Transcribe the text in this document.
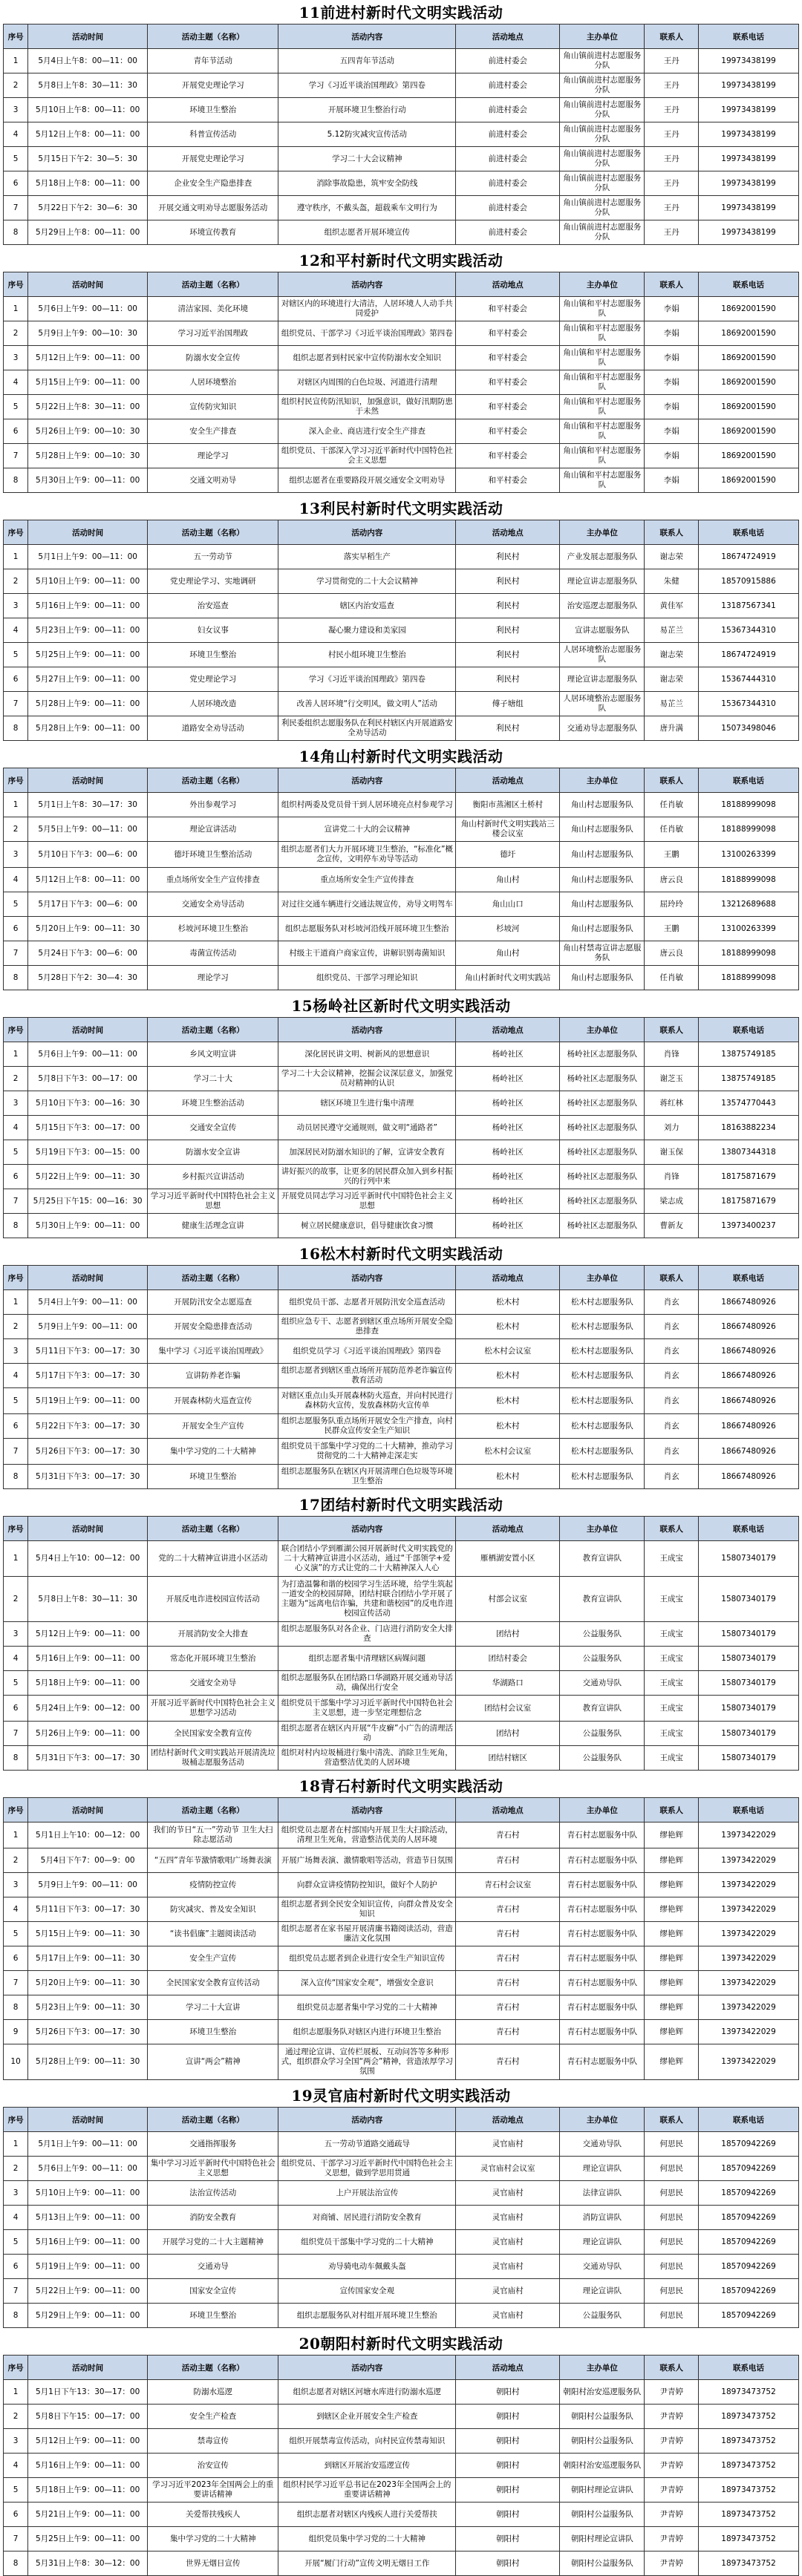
11前进村新时代文明实践活动
序号	活动时间	活动主题（名称）	活动内容	活动地点	主办单位	联系人	联系电话
1	5月4日上午8：00—11：00	青年节活动	五四青年节活动	前进村委会	角山镇前进村志愿服务分队	王丹	19973438199
2	5月8日上午8：30—11：30	开展党史理论学习	学习《习近平谈治国理政》第四卷	前进村委会	角山镇前进村志愿服务分队	王丹	19973438199
3	5月10日上午8：00—11：00	环境卫生整治	开展环境卫生整治行动	前进村委会	角山镇前进村志愿服务分队	王丹	19973438199
4	5月12日上午8：00—11：00	科普宣传活动	5.12防灾减灾宣传活动	前进村委会	角山镇前进村志愿服务分队	王丹	19973438199
5	5月15日下午2：30—5：30	开展党史理论学习	学习二十大会议精神	前进村委会	角山镇前进村志愿服务分队	王丹	19973438199
6	5月18日上午8：00—11：00	企业安全生产隐患排查	消除事故隐患，筑牢安全防线	前进村委会	角山镇前进村志愿服务分队	王丹	19973438199
7	5月22日下午2：30—6：30	开展交通文明劝导志愿服务活动	遵守秩序，不戴头盔，超载乘车文明行为	前进村委会	角山镇前进村志愿服务分队	王丹	19973438199
8	5月29日上午8：00—11：00	环境宣传教育	组织志愿者开展环境宣传	前进村委会	角山镇前进村志愿服务分队	王丹	19973438199
12和平村新时代文明实践活动
序号	活动时间	活动主题（名称）	活动内容	活动地点	主办单位	联系人	联系电话
1	5月6日上午9：00—11：00	清洁家园、美化环境	对辖区内的环境进行大清洁，人居环境人人动手共同爱护	和平村委会	角山镇和平村志愿服务队	李娟	18692001590
2	5月9日上午9：00—10：30	学习习近平治国理政	组织党员、干部学习《习近平谈治国理政》第四卷	和平村委会	角山镇和平村志愿服务队	李娟	18692001590
3	5月12日上午9：00—11：00	防溺水安全宣传	组织志愿者到村民家中宣传防溺水安全知识	和平村委会	角山镇和平村志愿服务队	李娟	18692001590
4	5月15日上午9：00—11：00	人居环境整治	对辖区内周围的白色垃圾、河道进行清理	和平村委会	角山镇和平村志愿服务队	李娟	18692001590
5	5月22日上午8：30—11：00	宣传防灾知识	组织村民宣传防汛知识，加强意识，做好汛期防患于未然	和平村委会	角山镇和平村志愿服务队	李娟	18692001590
6	5月26日上午9：00—10：30	安全生产排查	深入企业、商店进行安全生产排查	和平村委会	角山镇和平村志愿服务队	李娟	18692001590
7	5月28日上午9：00—10：30	理论学习	组织党员、干部深入学习习近平新时代中国特色社会主义思想	和平村委会	角山镇和平村志愿服务队	李娟	18692001590
8	5月30日上午9：00—11：00	交通文明劝导	组织志愿者在重要路段开展交通安全文明劝导	和平村委会	角山镇和平村志愿服务队	李娟	18692001590
13利民村新时代文明实践活动
序号	活动时间	活动主题（名称）	活动内容	活动地点	主办单位	联系人	联系电话
1	5月1日上午9：00—11：00	五一劳动节	落实早稻生产	利民村	产业发展志愿服务队	谢志荣	18674724919
2	5月10日上午9：00—11：00	党史理论学习、实地调研	学习贯彻党的二十大会议精神	利民村	理论宣讲志愿服务队	朱健	18570915886
3	5月16日上午9：00—11：00	治安巡查	辖区内治安巡查	利民村	治安巡逻志愿服务队	黄佳军	13187567341
4	5月23日上午9：00—11：00	妇女议事	凝心聚力建设和美家园	利民村	宣讲志愿服务队	易芷兰	15367344310
5	5月25日上午9：00—11：00	环境卫生整治	村民小组环境卫生整治	利民村	人居环境整治志愿服务队	谢志荣	18674724919
6	5月27日上午9：00—11：00	党史理论学习	学习《习近平谈治国理政》第四卷	利民村	理论宣讲志愿服务队	谢志荣	15367444310
7	5月28日上午9：00—11：00	人居环境改造	改善人居环境“行交明风，做文明人”活动	傅子塘组	人居环境整治志愿服务队	易芷兰	15367344310
8	5月28日上午9：00—11：00	道路安全劝导活动	利民委组织志愿服务队在利民村辖区内开展道路安全劝导活动	利民村	交通劝导志愿服务队	唐升满	15073498046
14角山村新时代文明实践活动
序号	活动时间	活动主题（名称）	活动内容	活动地点	主办单位	联系人	联系电话
1	5月1日上午8：30—17：30	外出参观学习	组织村两委及党员骨干到人居环境亮点村参观学习	衡阳市蒸湘区土桥村	角山村志愿服务队	任肖敏	18188999098
2	5月5日上午9：00—11：00	理论宣讲活动	宣讲党二十大的会议精神	角山村新时代文明实践站三楼会议室	角山村志愿服务队	任肖敏	18188999098
3	5月10日下午3：00—6：00	德圩环境卫生整治活动	组织志愿者们大力开展环境卫生整治，“标准化”概念宣传，文明停车劝导等活动	德圩	角山村志愿服务队	王鹏	13100263399
4	5月12日上午8：00—11：00	重点场所安全生产宣传排查	重点场所安全生产宣传排查	角山村	角山村志愿服务队	唐云良	18188999098
5	5月17日下午3：00—6：00	交通安全劝导活动	对过往交通车辆进行交通法规宣传，劝导文明驾车	角山山口	角山村志愿服务队	屈玲玲	13212689688
6	5月20日上午9：00—11：30	杉坡河环境卫生整治	组织志愿服务队对杉坡河沿线开展环境卫生整治	杉坡河	角山村志愿服务队	王鹏	13100263399
7	5月24日下午3：00—6：00	毒菌宣传活动	村级主干道商户商家宣传，讲解识别毒菌知识	角山村	角山村禁毒宣讲志愿服务队	唐云良	18188999098
8	5月28日下午2：30—4：30	理论学习	组织党员、干部学习理论知识	角山村新时代文明实践站	角山村志愿服务队	任肖敏	18188999098
15杨岭社区新时代文明实践活动
序号	活动时间	活动主题（名称）	活动内容	活动地点	主办单位	联系人	联系电话
1	5月6日上午9：00—11：00	乡风文明宣讲	深化居民讲文明、树新风的思想意识	杨岭社区	杨岭社区志愿服务队	肖锋	13875749185
2	5月8日下午3：00—17：00	学习二十大	学习二十大会议精神，挖掘会议深层意义，加强党员对精神的认识	杨岭社区	杨岭社区志愿服务队	谢芝玉	13875749185
3	5月10日下午3：00—16：30	环境卫生整治活动	辖区环境卫生进行集中清理	杨岭社区	杨岭社区志愿服务队	蒋红林	13574770443
4	5月15日下午3：00—17：00	交通安全宣传	动员居民遵守交通规则，做文明“通路者”	杨岭社区	杨岭社区志愿服务队	刘力	18163882234
5	5月19日下午3：00—15：00	防溺水安全宣讲	加深居民对防溺水知识的了解，宣讲安全教育	杨岭社区	杨岭社区志愿服务队	谢玉保	13807344318
6	5月22日上午9：00—11：30	乡村振兴宣讲活动	讲好振兴的故事，让更多的居民群众加入到乡村振兴的行列中来	杨岭社区	杨岭社区志愿服务队	肖锋	18175871679
7	5月25日下午15：00—16：30	学习习近平新时代中国特色社会主义思想	开展党员同志学习习近平新时代中国特色社会主义思想	杨岭社区	杨岭社区志愿服务队	梁志成	18175871679
8	5月30日上午9：00—11：00	健康生活理念宣讲	树立居民健康意识，倡导健康饮食习惯	杨岭社区	杨岭社区志愿服务队	曹新友	13973400237
16松木村新时代文明实践活动
序号	活动时间	活动主题（名称）	活动内容	活动地点	主办单位	联系人	联系电话
1	5月4日上午9：00—11：00	开展防汛安全志愿巡查	组织党员干部、志愿者开展防汛安全巡查活动	松木村	松木村志愿服务队	肖玄	18667480926
2	5月9日上午9：00—11：00	开展安全隐患排查活动	组织应急专干、志愿者到辖区重点场所开展安全隐患排查	松木村	松木村志愿服务队	肖玄	18667480926
3	5月11日下午3：00—17：30	集中学习《习近平谈治国理政》	组织党员学习《习近平谈治国理政》第四卷	松木村会议室	松木村志愿服务队	肖玄	18667480926
4	5月17日下午3：00—17：30	宣讲防养老诈骗	组织志愿者到辖区重点场所开展防范养老诈骗宣传教育活动	松木村	松木村志愿服务队	肖玄	18667480926
5	5月19日上午9：00—11：00	开展森林防火巡查宣传	对辖区重点山头开展森林防火巡查，并向村民进行森林防火宣传，发放森林防火宣传单	松木村	松木村志愿服务队	肖玄	18667480926
6	5月22日下午3：00—17：30	开展安全生产宣传	组织志愿服务队重点场所开展安全生产排查，向村民群众宣传安全生产知识	松木村	松木村志愿服务队	肖玄	18667480926
7	5月26日下午3：00—17：30	集中学习党的二十大精神	组织党员干部集中学习党的二十大精神，推动学习贯彻党的二十大精神走深走实	松木村会议室	松木村志愿服务队	肖玄	18667480926
8	5月31日下午3：00—17：30	环境卫生整治	组织志愿服务队在辖区内开展清理白色垃圾等环境卫生整治	松木村	松木村志愿服务队	肖玄	18667480926
17团结村新时代文明实践活动
序号	活动时间	活动主题（名称）	活动内容	活动地点	主办单位	联系人	联系电话
1	5月4日上午10：00—12：00	党的二十大精神宣讲进小区活动	联合团结小学到雁湖公园开展新时代文明实践党的二十大精神宣讲进小区活动，通过“千部领学+爱心义演”的方式让党的二十大精神深入人心	雁栖湖安置小区	教育宣讲队	王成宝	15807340179
2	5月8日上午8：30—11：30	开展反电诈进校园宣传活动	为打造温馨和谐的校园学习生活环境，给学生筑起一道安全的校园屏障，团结村联合团结小学开展了主题为“远离电信诈骗，共建和谐校园”的反电诈进校园宣传活动	村部会议室	教育宣讲队	王成宝	15807340179
3	5月12日上午9：00—11：00	开展消防安全大排查	组织志愿服务队对各企业、门店进行消防安全大排查	团结村	公益服务队	王成宝	15807340179
4	5月16日上午9：00—11：00	常态化开展环境卫生整治	组织志愿者集中清理辖区病媒问题	团结村委会	公益服务队	王成宝	15807340179
5	5月18日上午9：00—11：00	交通安全劝导	组织志愿服务队在团结路口华湖路开展交通劝导活动，确保出行安全	华湖路口	交通劝导队	王成宝	15807340179
6	5月24日上午9：00—12：00	开展习近平新时代中国特色社会主义思想学习活动	组织党员干部集中学习习近平新时代中国特色社会主义思想，进一步坚定理想信念	团结村会议室	教育宣讲队	王成宝	15807340179
7	5月26日上午9：00—11：00	全民国家安全教育宣传	组织志愿者在辖区内开展“牛皮癣”小广告的清理活动	团结村	公益服务队	王成宝	15807340179
8	5月31日下午3：00—17：30	团结村新时代文明实践站开展清洗垃圾桶志愿服务活动	组织对村内垃圾桶进行集中清洗、消除卫生死角，营造整洁优美的人居环境	团结村辖区	公益服务队	王成宝	15807340179
18青石村新时代文明实践活动
序号	活动时间	活动主题（名称）	活动内容	活动地点	主办单位	联系人	联系电话
1	5月1日上午10：00—12：00	我们的节日“五一”劳动节 卫生大扫除志愿活动	组织党员志愿者在村部国内开展卫生大扫除活动，清理卫生死角，营造整洁优美的人居环境	青石村	青石村志愿服务中队	缪艳辉	13973422029
2	5月4日下午7：00—9：00	“五四”青年节激情歌唱广场舞表演	开展广场舞表演、激情歌唱等活动，营造节日氛围	青石村	青石村志愿服务中队	缪艳辉	13973422029
3	5月9日上午9：00—11：00	疫情防控宣传	向群众宣讲疫情防控知识，做好个人防护	青石村会议室	青石村志愿服务中队	缪艳辉	13973422029
4	5月11日下午3：00—17：30	防灾减灾、普及安全知识	组织志愿者到全民安全知识宣传，向群众普及安全知识	青石村	青石村志愿服务中队	缪艳辉	13973422029
5	5月15日上午9：00—11：30	“读书倡廉”主题阅读活动	组织志愿者在家书屋开展清廉书籍阅读活动，营造廉洁文化氛围	青石村	青石村志愿服务中队	缪艳辉	13973422029
6	5月17日上午9：00—11：30	安全生产宣传	组织党员志愿者到企业进行安全生产知识宣传	青石村	青石村志愿服务中队	缪艳辉	13973422029
7	5月20日上午9：00—11：30	全民国家安全教育宣传活动	深入宣传“国家安全观”，增强安全意识	青石村	青石村志愿服务中队	缪艳辉	13973422029
8	5月23日上午9：00—11：30	学习二十大宣讲	组织党员志愿者集中学习党的二十大精神	青石村	青石村志愿服务中队	缪艳辉	13973422029
9	5月26日下午3：00—17：30	环境卫生整治	组织志愿服务队对辖区内进行环境卫生整治	青石村	青石村志愿服务中队	缪艳辉	13973422029
10	5月28日上午9：00—11：30	宣讲“两会”精神	通过理论宣讲、宣传栏展板、互动问答等多种形式，组织群众学习全国“两会”精神，营造浓厚学习氛围	青石村	青石村志愿服务中队	缪艳辉	13973422029
19灵官庙村新时代文明实践活动
序号	活动时间	活动主题（名称）	活动内容	活动地点	主办单位	联系人	联系电话
1	5月1日上午9：00—11：00	交通指挥服务	五一劳动节道路交通疏导	灵官庙村	交通劝导队	何思民	18570942269
2	5月6日上午9：00—11：00	集中学习习近平新时代中国特色社会主义思想	组织党员、干部学习习近平新时代中国特色社会主义思想，做到学思用贯通	灵官庙村会议室	理论宣讲队	何思民	18570942269
3	5月10日上午9：00—11：00	法治宣传活动	上户开展法治宣传	灵官庙村	法律宣讲队	何思民	18570942269
4	5月13日上午9：00—11：00	消防安全教育	对商铺、居民进行消防安全教育	灵官庙村	消防宣讲队	何思民	18570942269
5	5月16日上午9：00—11：00	开展学习党的二十大主题精神	组织党员干部集中学习党的二十大精神	灵官庙村	理论宣讲队	何思民	18570942269
6	5月19日上午9：00—11：00	交通劝导	劝导骑电动车佩戴头盔	灵官庙村	交通劝导队	何思民	18570942269
7	5月22日上午9：00—11：00	国家安全宣传	宣传国家安全观	灵官庙村	理论宣讲队	何思民	18570942269
8	5月29日上午9：00—11：00	环境卫生整治	组织志愿服务队对村组开展环境卫生整治	灵官庙村	公益服务队	何思民	18570942269
20朝阳村新时代文明实践活动
序号	活动时间	活动主题（名称）	活动内容	活动地点	主办单位	联系人	联系电话
1	5月1日下午13：30—17：00	防溺水巡逻	组织志愿者对辖区河塘水库进行防溺水巡逻	朝阳村	朝阳村治安巡逻服务队	尹青婷	18973473752
2	5月8日下午15：00—17：00	安全生产检查	到辖区企业开展安全生产检查	朝阳村	朝阳村公益服务队	尹青婷	18973473752
3	5月12日上午9：00—11：00	禁毒宣传	组织开展禁毒宣传活动，向村民宣传禁毒知识	朝阳村	朝阳村公益服务队	尹青婷	18973473752
4	5月16日上午9：00—11：00	治安宣传	到辖区开展治安巡逻宣传	朝阳村	朝阳村治安巡逻服务队	尹青婷	18973473752
5	5月18日上午9：00—11：00	学习习近平2023年全国两会上的重要讲话精神	组织村民学习近平总书记在2023年全国两会上的重要讲话精神	朝阳村	朝阳村理论宣讲队	尹青婷	18973473752
6	5月21日上午9：00—11：00	关爱帮扶残疾人	组织志愿者对辖区内残疾人进行关爱帮扶	朝阳村	朝阳村公益服务队	尹青婷	18973473752
7	5月25日上午9：00—11：00	集中学习党的二十大精神	组织党员集中学习党的二十大精神	朝阳村	朝阳村理论宣讲队	尹青婷	18973473752
8	5月31日上午8：30—12：00	世界无烟日宣传	开展“履门行动”宣传文明无烟日工作	朝阳村	朝阳村公益服务队	尹青婷	18973473752
